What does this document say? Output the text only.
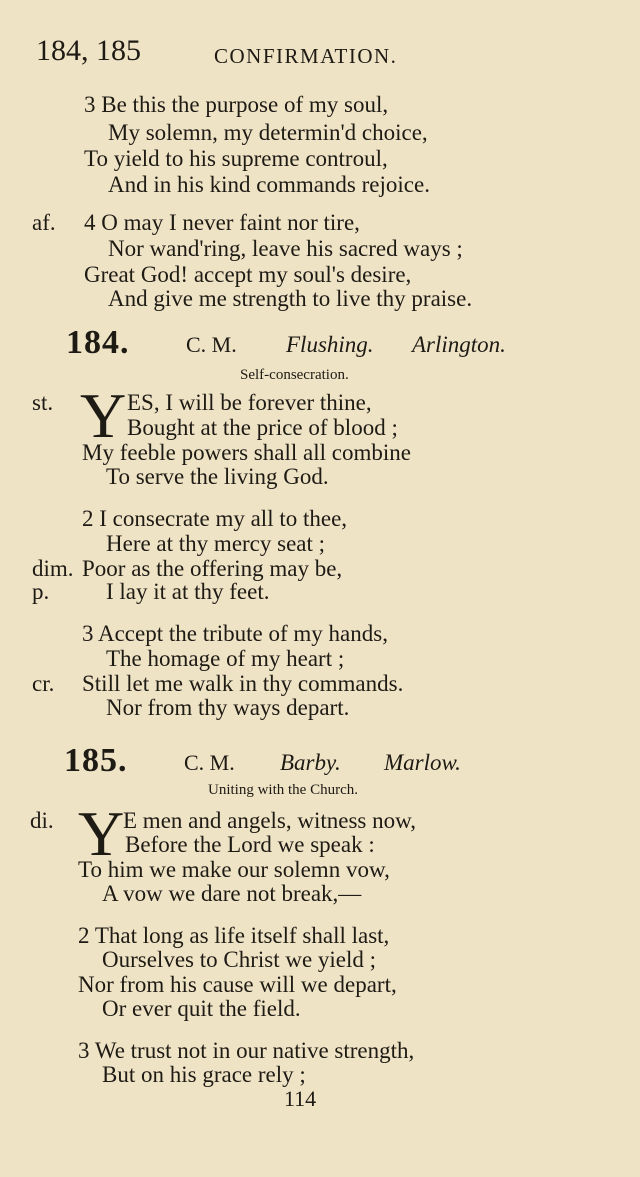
184, 185	CONFIRMATION.
3 Be this the purpose of my soul,
My solemn, my determin'd choice,
To yield to his supreme controul,
And in his kind commands rejoice.
af. 4 O may I never faint nor tire,
Nor wand'ring, leave his sacred ways ;
Great God! accept my soul's desire,
And give me strength to live thy praise.
184.	C. M. Flushing. Arlington.
Self-consecration.
st. Y ES, I will be forever thine,
Bought at the price of blood ;
My feeble powers shall all combine
To serve the living God.
2 I consecrate my all to thee,
Here at thy mercy seat ;
dim. Poor as the offering may be,
p. I lay it at thy feet.
3 Accept the tribute of my hands,
The homage of my heart ;
cr. Still let me walk in thy commands.
Nor from thy ways depart.
185.	C. M. Barby. Marlow.
Uniting with the Church.
di. Y
E men and angels, witness now,
Before the Lord we speak :
To him we make our solemn vow,
A vow we dare not break,—
2 That long as life itself shall last,
Ourselves to Christ we yield ;
Nor from his cause will we depart,
Or ever quit the field.
3 We trust not in our native strength,
But on his grace rely ;
114
